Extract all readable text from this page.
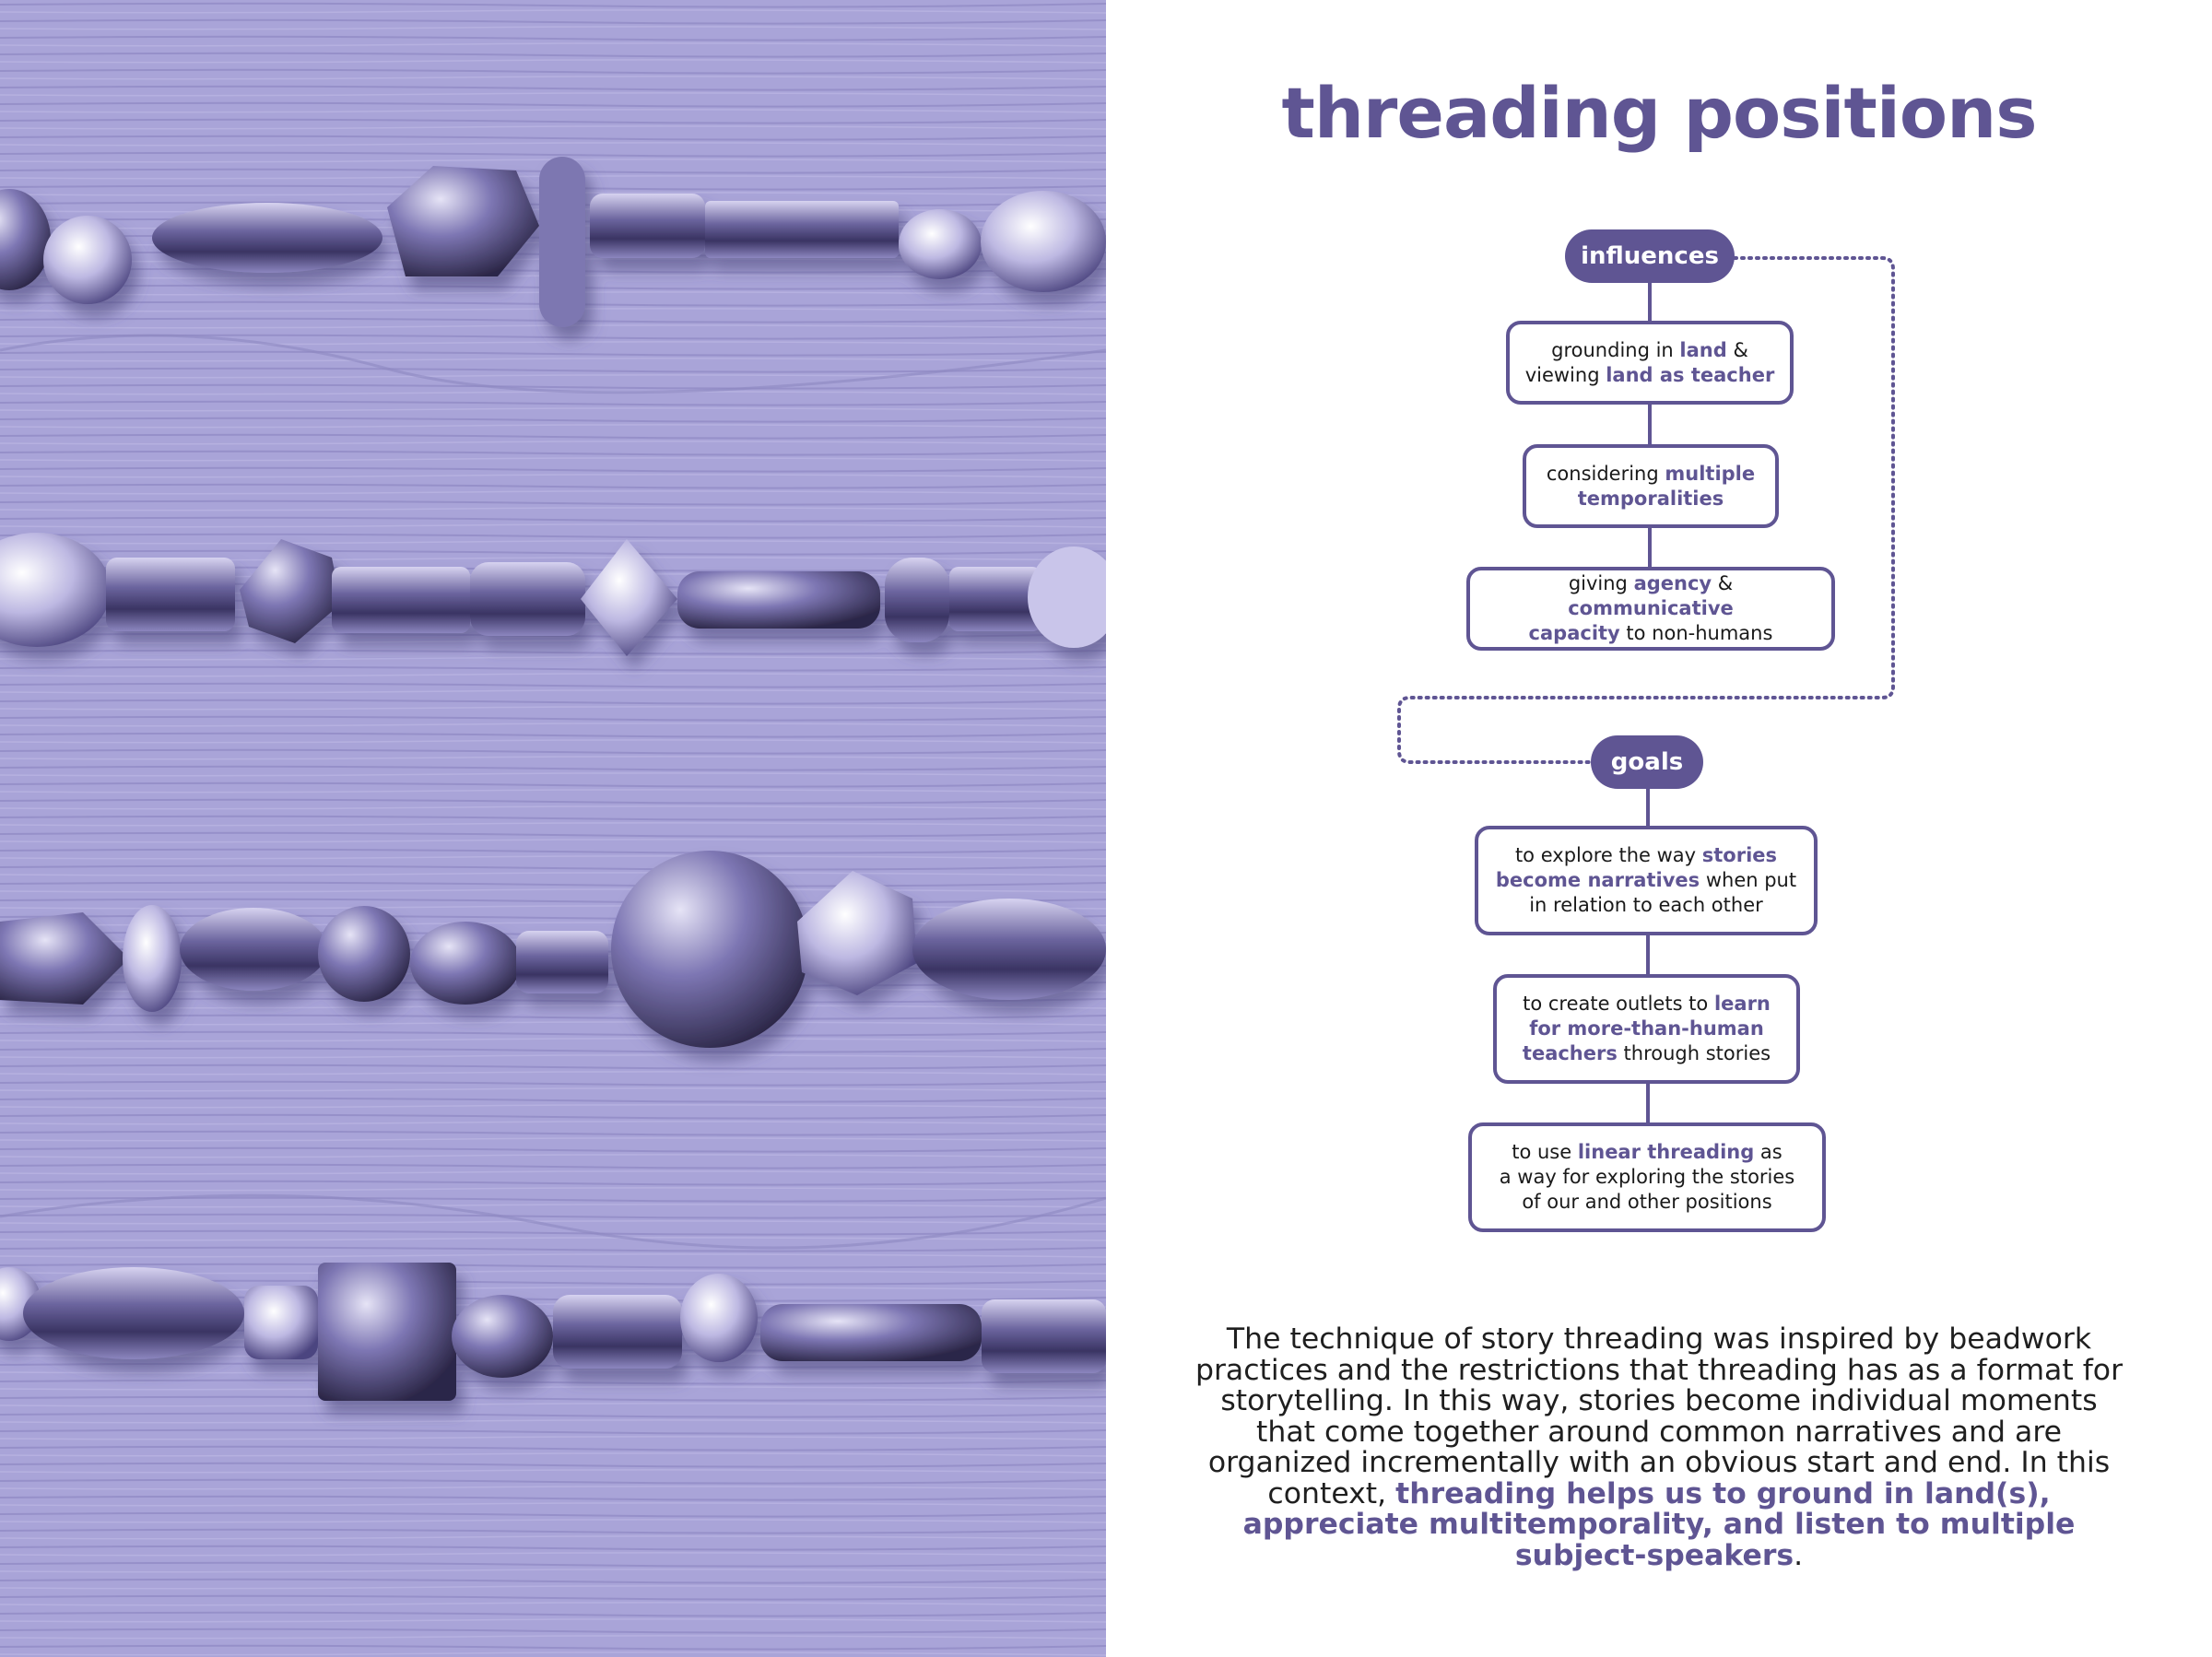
threading positions
influences
grounding in land &
viewing land as teacher
considering multiple
temporalities
giving agency & communicative
capacity to non-humans
goals
to explore the way stories
become narratives when put
in relation to each other
to create outlets to learn
for more-than-human
teachers through stories
to use linear threading as
a way for exploring the stories
of our and other positions
The technique of story threading was inspired by beadwork practices and the restrictions that threading has as a format for storytelling. In this way, stories become individual moments that come together around common narratives and are organized incrementally with an obvious start and end. In this context, threading helps us to ground in land(s), appreciate multitemporality, and listen to multiple subject-speakers.
